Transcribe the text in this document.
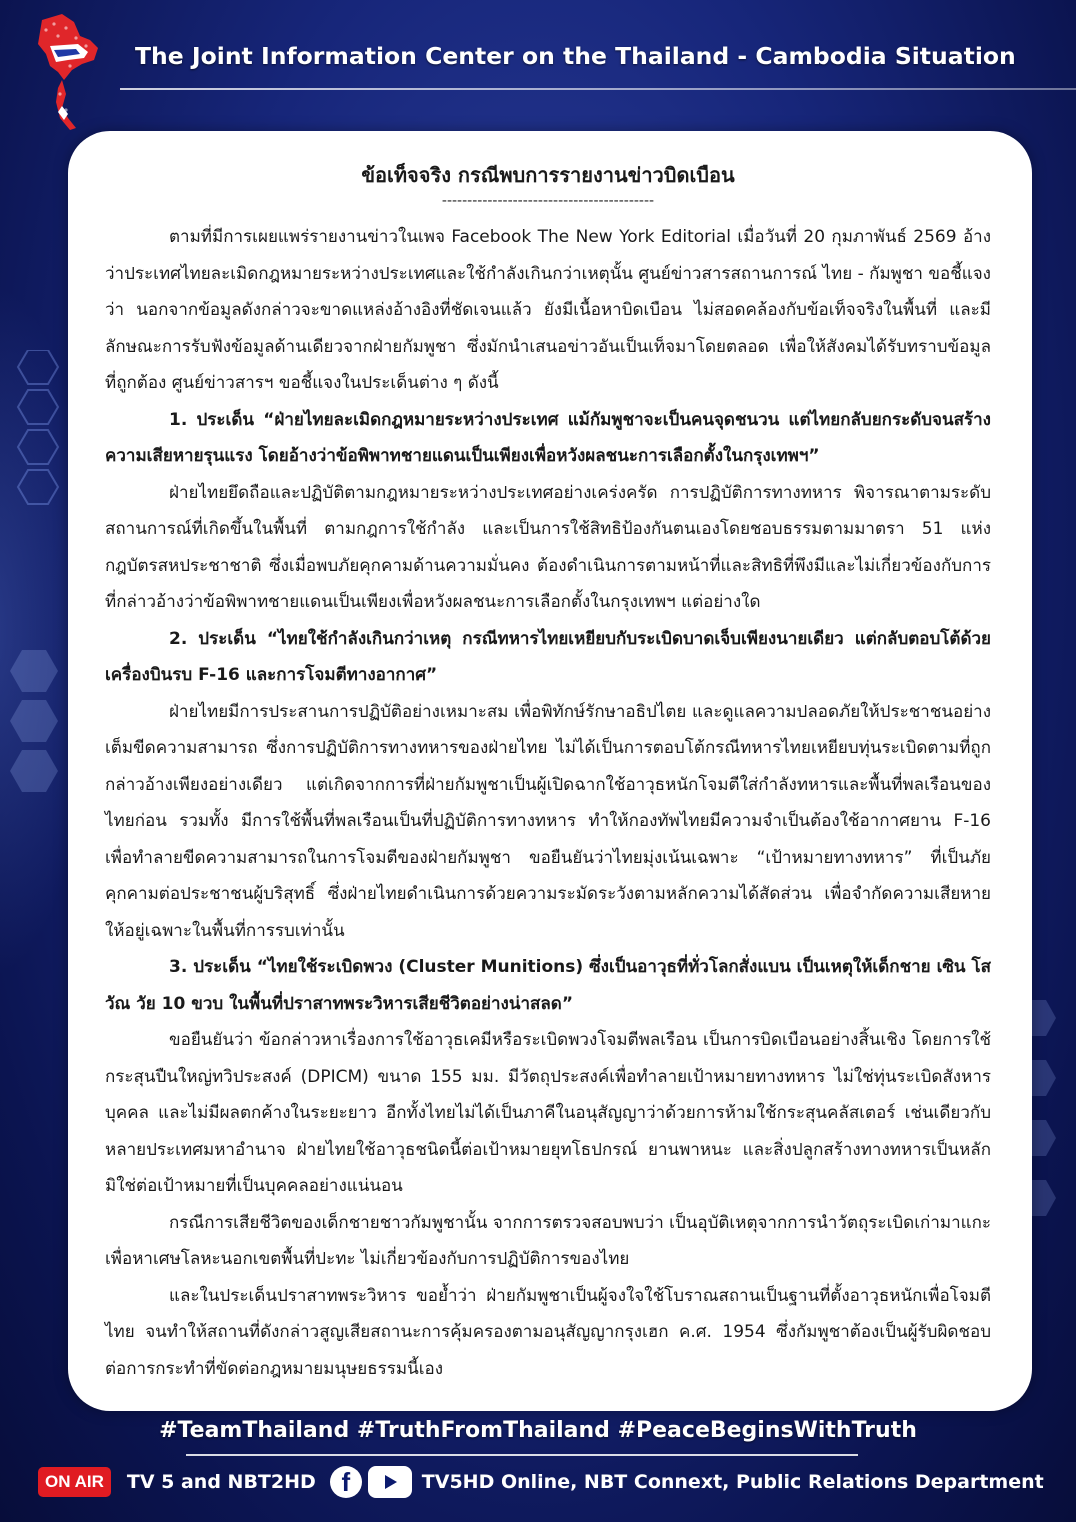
The Joint Information Center on the Thailand - Cambodia Situation
ข้อเท็จจริง กรณีพบการรายงานข่าวบิดเบือน
------------------------------------------

ตามที่มีการเผยแพร่รายงานข่าวในเพจ Facebook The New York Editorial เมื่อวันที่ 20 กุมภาพันธ์ 2569 อ้างว่าประเทศไทยละเมิดกฎหมายระหว่างประเทศและใช้กำลังเกินกว่าเหตุนั้น ศูนย์ข่าวสารสถานการณ์ ไทย - กัมพูชา ขอชี้แจงว่า นอกจากข้อมูลดังกล่าวจะขาดแหล่งอ้างอิงที่ชัดเจนแล้ว ยังมีเนื้อหาบิดเบือน ไม่สอดคล้องกับข้อเท็จจริงในพื้นที่ และมีลักษณะการรับฟังข้อมูลด้านเดียวจากฝ่ายกัมพูชา ซึ่งมักนำเสนอข่าวอันเป็นเท็จมาโดยตลอด เพื่อให้สังคมได้รับทราบข้อมูลที่ถูกต้อง ศูนย์ข่าวสารฯ ขอชี้แจงในประเด็นต่าง ๆ ดังนี้

1. ประเด็น “ฝ่ายไทยละเมิดกฎหมายระหว่างประเทศ แม้กัมพูชาจะเป็นคนจุดชนวน แต่ไทยกลับยกระดับจนสร้างความเสียหายรุนแรง โดยอ้างว่าข้อพิพาทชายแดนเป็นเพียงเพื่อหวังผลชนะการเลือกตั้งในกรุงเทพฯ”

ฝ่ายไทยยึดถือและปฏิบัติตามกฎหมายระหว่างประเทศอย่างเคร่งครัด การปฏิบัติการทางทหาร พิจารณาตามระดับสถานการณ์ที่เกิดขึ้นในพื้นที่ ตามกฎการใช้กำลัง และเป็นการใช้สิทธิป้องกันตนเองโดยชอบธรรมตามมาตรา 51 แห่งกฎบัตรสหประชาชาติ ซึ่งเมื่อพบภัยคุกคามด้านความมั่นคง ต้องดำเนินการตามหน้าที่และสิทธิที่พึงมีและไม่เกี่ยวข้องกับการที่กล่าวอ้างว่าข้อพิพาทชายแดนเป็นเพียงเพื่อหวังผลชนะการเลือกตั้งในกรุงเทพฯ แต่อย่างใด

2. ประเด็น “ไทยใช้กำลังเกินกว่าเหตุ กรณีทหารไทยเหยียบกับระเบิดบาดเจ็บเพียงนายเดียว แต่กลับตอบโต้ด้วยเครื่องบินรบ F-16 และการโจมตีทางอากาศ”

ฝ่ายไทยมีการประสานการปฏิบัติอย่างเหมาะสม เพื่อพิทักษ์รักษาอธิปไตย และดูแลความปลอดภัยให้ประชาชนอย่างเต็มขีดความสามารถ ซึ่งการปฏิบัติการทางทหารของฝ่ายไทย ไม่ได้เป็นการตอบโต้กรณีทหารไทยเหยียบทุ่นระเบิดตามที่ถูกกล่าวอ้างเพียงอย่างเดียว แต่เกิดจากการที่ฝ่ายกัมพูชาเป็นผู้เปิดฉากใช้อาวุธหนักโจมตีใส่กำลังทหารและพื้นที่พลเรือนของไทยก่อน รวมทั้ง มีการใช้พื้นที่พลเรือนเป็นที่ปฏิบัติการทางทหาร ทำให้กองทัพไทยมีความจำเป็นต้องใช้อากาศยาน F-16 เพื่อทำลายขีดความสามารถในการโจมตีของฝ่ายกัมพูชา ขอยืนยันว่าไทยมุ่งเน้นเฉพาะ “เป้าหมายทางทหาร” ที่เป็นภัยคุกคามต่อประชาชนผู้บริสุทธิ์ ซึ่งฝ่ายไทยดำเนินการด้วยความระมัดระวังตามหลักความได้สัดส่วน เพื่อจำกัดความเสียหายให้อยู่เฉพาะในพื้นที่การรบเท่านั้น

3. ประเด็น “ไทยใช้ระเบิดพวง (Cluster Munitions) ซึ่งเป็นอาวุธที่ทั่วโลกสั่งแบน เป็นเหตุให้เด็กชาย เซิน โสวัณ วัย 10 ขวบ ในพื้นที่ปราสาทพระวิหารเสียชีวิตอย่างน่าสลด”

ขอยืนยันว่า ข้อกล่าวหาเรื่องการใช้อาวุธเคมีหรือระเบิดพวงโจมตีพลเรือน เป็นการบิดเบือนอย่างสิ้นเชิง โดยการใช้กระสุนปืนใหญ่ทวิประสงค์ (DPICM) ขนาด 155 มม. มีวัตถุประสงค์เพื่อทำลายเป้าหมายทางทหาร ไม่ใช่ทุ่นระเบิดสังหารบุคคล และไม่มีผลตกค้างในระยะยาว อีกทั้งไทยไม่ได้เป็นภาคีในอนุสัญญาว่าด้วยการห้ามใช้กระสุนคลัสเตอร์ เช่นเดียวกับหลายประเทศมหาอำนาจ ฝ่ายไทยใช้อาวุธชนิดนี้ต่อเป้าหมายยุทโธปกรณ์ ยานพาหนะ และสิ่งปลูกสร้างทางทหารเป็นหลัก มิใช่ต่อเป้าหมายที่เป็นบุคคลอย่างแน่นอน

กรณีการเสียชีวิตของเด็กชายชาวกัมพูชานั้น จากการตรวจสอบพบว่า เป็นอุบัติเหตุจากการนำวัตถุระเบิดเก่ามาแกะเพื่อหาเศษโลหะนอกเขตพื้นที่ปะทะ ไม่เกี่ยวข้องกับการปฏิบัติการของไทย

และในประเด็นปราสาทพระวิหาร ขอย้ำว่า ฝ่ายกัมพูชาเป็นผู้จงใจใช้โบราณสถานเป็นฐานที่ตั้งอาวุธหนักเพื่อโจมตีไทย จนทำให้สถานที่ดังกล่าวสูญเสียสถานะการคุ้มครองตามอนุสัญญากรุงเฮก ค.ศ. 1954 ซึ่งกัมพูชาต้องเป็นผู้รับผิดชอบต่อการกระทำที่ขัดต่อกฎหมายมนุษยธรรมนี้เอง

#TeamThailand #TruthFromThailand #PeaceBeginsWithTruth
ON AIR	TV 5 and NBT2HD f	TV5HD Online, NBT Connext, Public Relations Department
